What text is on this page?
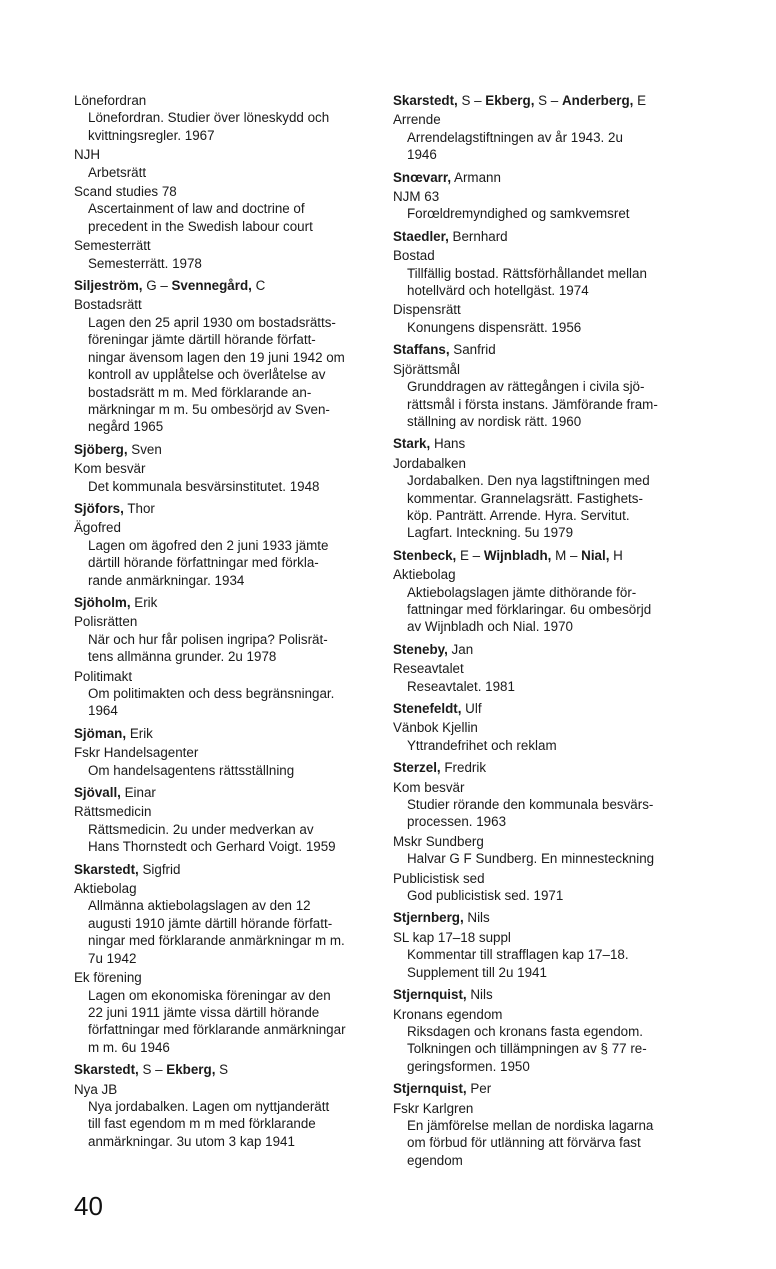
Lönefordran
Lönefordran. Studier över löneskydd och
kvittningsregler. 1967
NJH
Arbetsrätt
Scand studies 78
Ascertainment of law and doctrine of
precedent in the Swedish labour court
Semesterrätt
Semesterrätt. 1978
Siljeström, G – Svennegård, C
Bostadsrätt
Lagen den 25 april 1930 om bostadsrätts-
föreningar jämte därtill hörande författ-
ningar ävensom lagen den 19 juni 1942 om
kontroll av upplåtelse och överlåtelse av
bostadsrätt m m. Med förklarande an-
märkningar m m. 5u ombesörjd av Sven-
negård 1965
Sjöberg, Sven
Kom besvär
Det kommunala besvärsinstitutet. 1948
Sjöfors, Thor
Ägofred
Lagen om ägofred den 2 juni 1933 jämte
därtill hörande författningar med förkla-
rande anmärkningar. 1934
Sjöholm, Erik
Polisrätten
När och hur får polisen ingripa? Polisrät-
tens allmänna grunder. 2u 1978
Politimakt
Om politimakten och dess begränsningar.
1964
Sjöman, Erik
Fskr Handelsagenter
Om handelsagentens rättsställning
Sjövall, Einar
Rättsmedicin
Rättsmedicin. 2u under medverkan av
Hans Thornstedt och Gerhard Voigt. 1959
Skarstedt, Sigfrid
Aktiebolag
Allmänna aktiebolagslagen av den 12
augusti 1910 jämte därtill hörande författ-
ningar med förklarande anmärkningar m m.
7u 1942
Ek förening
Lagen om ekonomiska föreningar av den
22 juni 1911 jämte vissa därtill hörande
författningar med förklarande anmärkningar
m m. 6u 1946
Skarstedt, S – Ekberg, S
Nya JB
Nya jordabalken. Lagen om nyttjanderätt
till fast egendom m m med förklarande
anmärkningar. 3u utom 3 kap 1941
Skarstedt, S – Ekberg, S – Anderberg, E
Arrende
Arrendelagstiftningen av år 1943. 2u
1946
Snœvarr, Armann
NJM 63
Forœldremyndighed og samkvemsret
Staedler, Bernhard
Bostad
Tillfällig bostad. Rättsförhållandet mellan
hotellvärd och hotellgäst. 1974
Dispensrätt
Konungens dispensrätt. 1956
Staffans, Sanfrid
Sjörättsmål
Grunddragen av rättegången i civila sjö-
rättsmål i första instans. Jämförande fram-
ställning av nordisk rätt. 1960
Stark, Hans
Jordabalken
Jordabalken. Den nya lagstiftningen med
kommentar. Grannelagsrätt. Fastighets-
köp. Panträtt. Arrende. Hyra. Servitut.
Lagfart. Inteckning. 5u 1979
Stenbeck, E – Wijnbladh, M – Nial, H
Aktiebolag
Aktiebolagslagen jämte dithörande för-
fattningar med förklaringar. 6u ombesörjd
av Wijnbladh och Nial. 1970
Steneby, Jan
Reseavtalet
Reseavtalet. 1981
Stenefeldt, Ulf
Vänbok Kjellin
Yttrandefrihet och reklam
Sterzel, Fredrik
Kom besvär
Studier rörande den kommunala besvärs-
processen. 1963
Mskr Sundberg
Halvar G F Sundberg. En minnesteckning
Publicistisk sed
God publicistisk sed. 1971
Stjernberg, Nils
SL kap 17–18 suppl
Kommentar till strafflagen kap 17–18.
Supplement till 2u 1941
Stjernquist, Nils
Kronans egendom
Riksdagen och kronans fasta egendom.
Tolkningen och tillämpningen av § 77 re-
geringsformen. 1950
Stjernquist, Per
Fskr Karlgren
En jämförelse mellan de nordiska lagarna
om förbud för utlänning att förvärva fast
egendom
40
